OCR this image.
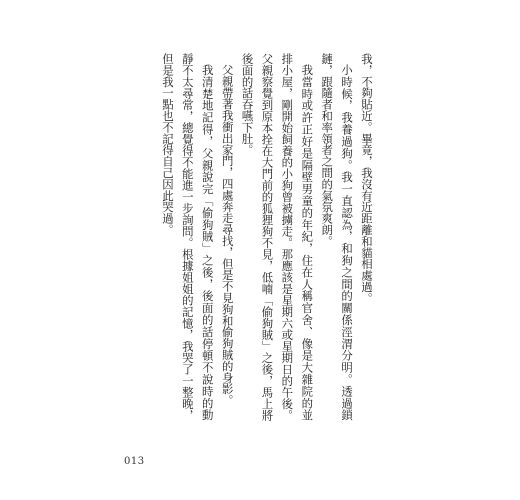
我，不夠貼近。畢竟，我沒有近距離和貓相處過。
小時候，我養過狗。我一直認為，和狗之間的關係涇渭分明。透過鎖
鏈，跟隨者和率領者之間的氣氛爽朗。
我當時或許正好是隔壁男童的年紀，住在人稱官舍、像是大雜院的並
排小屋，剛開始飼養的小狗曾被擄走。那應該是星期六或星期日的午後。
父親察覺到原本拴在大門前的狐狸狗不見，低喃「偷狗賊」之後，馬上將
後面的話吞嚥下肚。
父親帶著我衝出家門，四處奔走尋找，但是不見狗和偷狗賊的身影。
我清楚地記得，父親說完「偷狗賊」之後，後面的話停頓不說時的動
靜不太尋常，總覺得不能進一步詢問。根據姐姐的記憶，我哭了一整晚，
但是我一點也不記得自己因此哭過。
013
